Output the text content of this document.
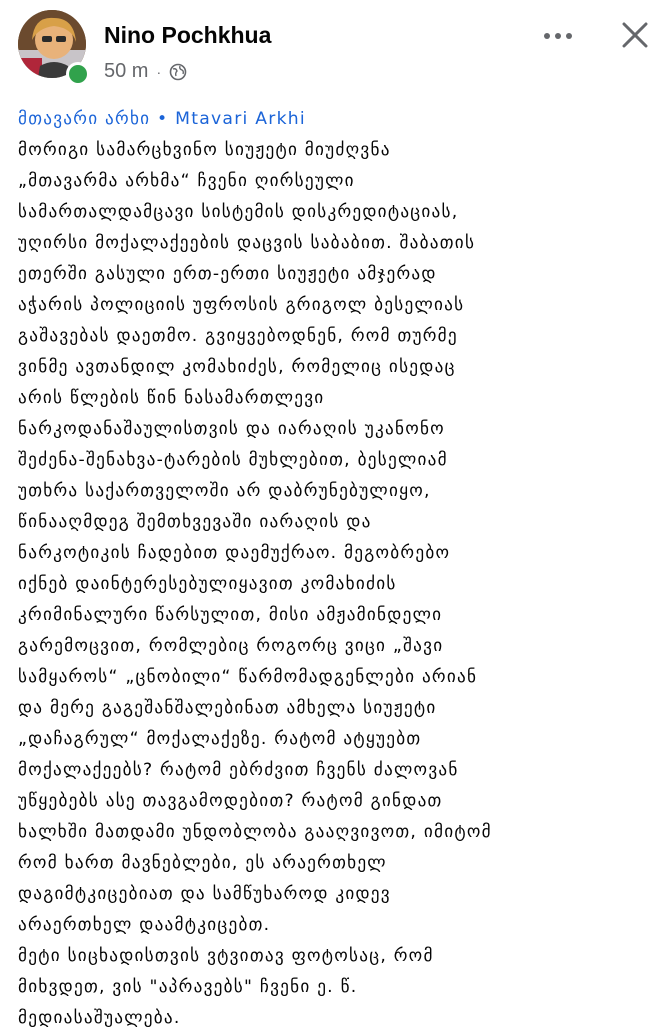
Nino Pochkhua
50 m ·
მთავარი არხი • Mtavari Arkhi
მორიგი სამარცხვინო სიუჟეტი მიუძღვნა
„მთავარმა არხმა“ ჩვენი ღირსეული
სამართალდამცავი სისტემის დისკრედიტაციას,
უღირსი მოქალაქეების დაცვის საბაბით. შაბათის
ეთერში გასული ერთ-ერთი სიუჟეტი ამჯერად
აჭარის პოლიციის უფროსის გრიგოლ ბესელიას
გაშავებას დაეთმო. გვიყვებოდნენ, რომ თურმე
ვინმე ავთანდილ კომახიძეს, რომელიც ისედაც
არის წლების წინ ნასამართლევი
ნარკოდანაშაულისთვის და იარაღის უკანონო
შეძენა-შენახვა-ტარების მუხლებით, ბესელიამ
უთხრა საქართველოში არ დაბრუნებულიყო,
წინააღმდეგ შემთხვევაში იარაღის და
ნარკოტიკის ჩადებით დაემუქრაო. მეგობრებო
იქნებ დაინტერესებულიყავით კომახიძის
კრიმინალური წარსულით, მისი ამჟამინდელი
გარემოცვით, რომლებიც როგორც ვიცი „შავი
სამყაროს“ „ცნობილი“ წარმომადგენლები არიან
და მერე გაგეშანშალებინათ ამხელა სიუჟეტი
„დაჩაგრულ“ მოქალაქეზე. რატომ ატყუებთ
მოქალაქეებს? რატომ ებრძვით ჩვენს ძალოვან
უწყებებს ასე თავგამოდებით? რატომ გინდათ
ხალხში მათდამი უნდობლობა გააღვივოთ, იმიტომ
რომ ხართ მავნებლები, ეს არაერთხელ
დაგიმტკიცებიათ და სამწუხაროდ კიდევ
არაერთხელ დაამტკიცებთ.
მეტი სიცხადისთვის ვტვითავ ფოტოსაც, რომ
მიხვდეთ, ვის "აპრავებს" ჩვენი ე. წ.
მედიასაშუალება.
